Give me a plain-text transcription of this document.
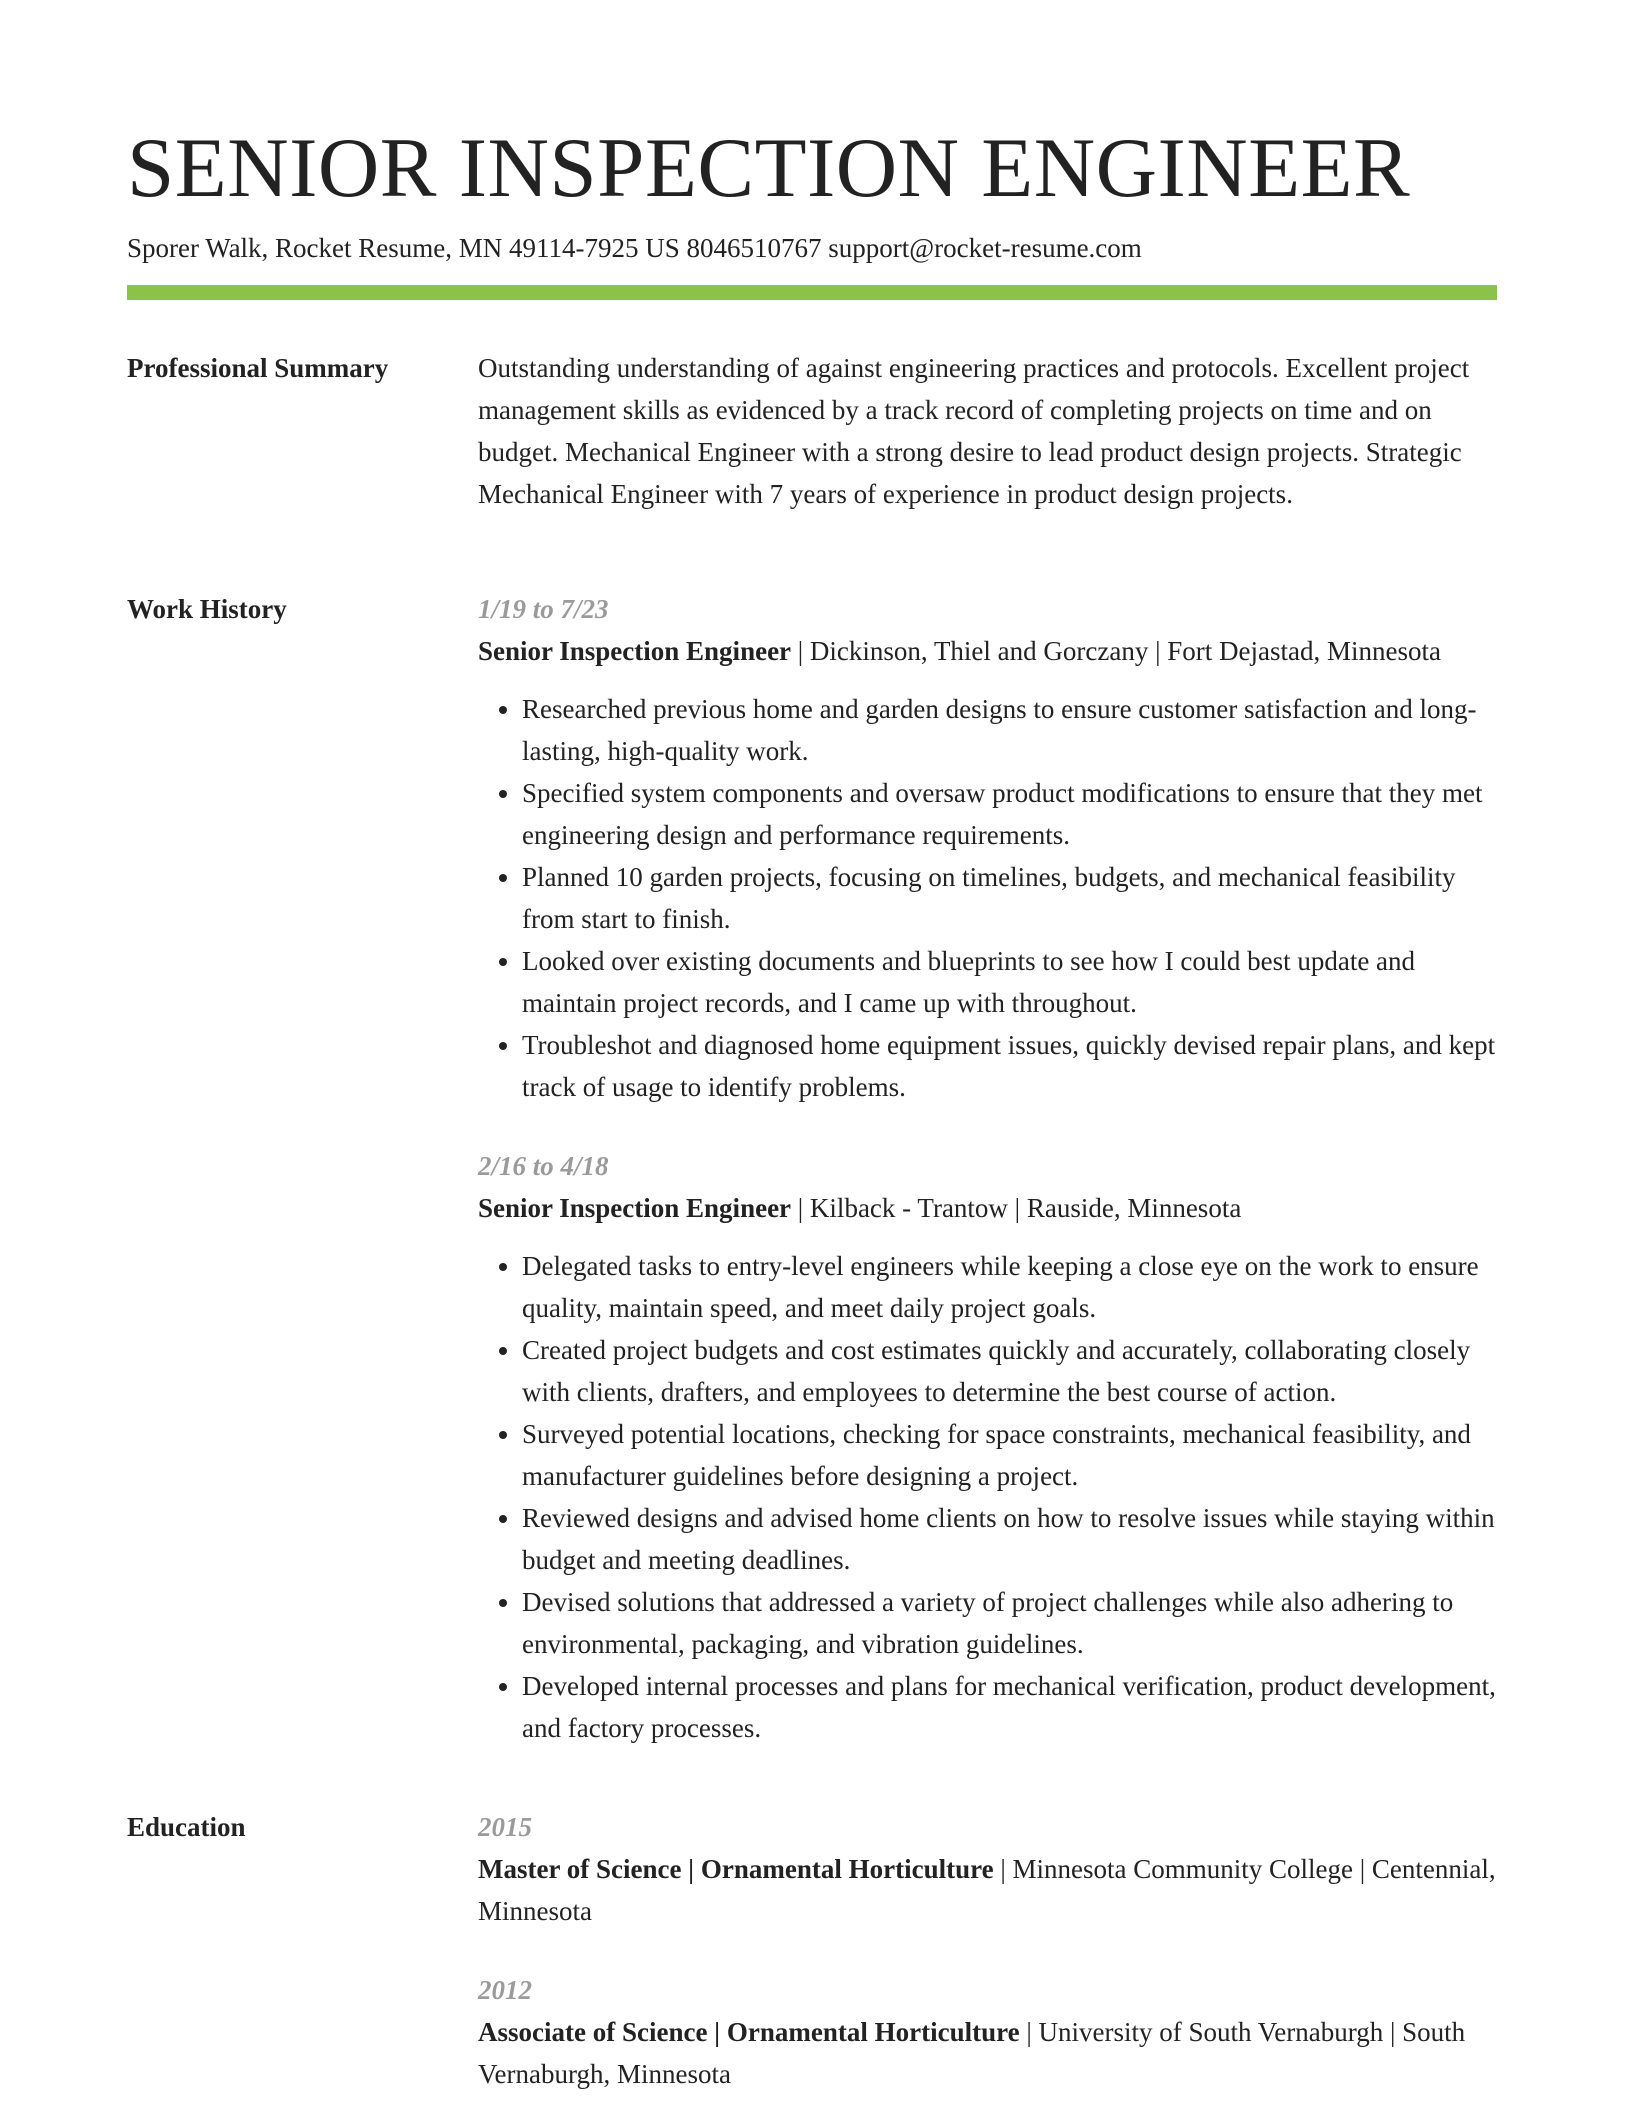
SENIOR INSPECTION ENGINEER

Sporer Walk, Rocket Resume, MN 49114-7925 US 8046510767 support@rocket-resume.com

Professional Summary	Outstanding understanding of against engineering practices and protocols. Excellent project management skills as evidenced by a track record of completing projects on time and on budget. Mechanical Engineer with a strong desire to lead product design projects. Strategic Mechanical Engineer with 7 years of experience in product design projects.

Work History	1/19 to 7/23

Senior Inspection Engineer | Dickinson, Thiel and Gorczany | Fort Dejastad, Minnesota

• Researched previous home and garden designs to ensure customer satisfaction and long-lasting, high-quality work.
• Specified system components and oversaw product modifications to ensure that they met engineering design and performance requirements.
• Planned 10 garden projects, focusing on timelines, budgets, and mechanical feasibility from start to finish.
• Looked over existing documents and blueprints to see how I could best update and maintain project records, and I came up with throughout.
• Troubleshot and diagnosed home equipment issues, quickly devised repair plans, and kept track of usage to identify problems.

2/16 to 4/18

Senior Inspection Engineer | Kilback - Trantow | Rauside, Minnesota

• Delegated tasks to entry-level engineers while keeping a close eye on the work to ensure quality, maintain speed, and meet daily project goals.
• Created project budgets and cost estimates quickly and accurately, collaborating closely with clients, drafters, and employees to determine the best course of action.
• Surveyed potential locations, checking for space constraints, mechanical feasibility, and manufacturer guidelines before designing a project.
• Reviewed designs and advised home clients on how to resolve issues while staying within budget and meeting deadlines.
• Devised solutions that addressed a variety of project challenges while also adhering to environmental, packaging, and vibration guidelines.
• Developed internal processes and plans for mechanical verification, product development, and factory processes.
Education	2015

Master of Science | Ornamental Horticulture | Minnesota Community College | Centennial, Minnesota

2012

Associate of Science | Ornamental Horticulture | University of South Vernaburgh | South Vernaburgh, Minnesota
